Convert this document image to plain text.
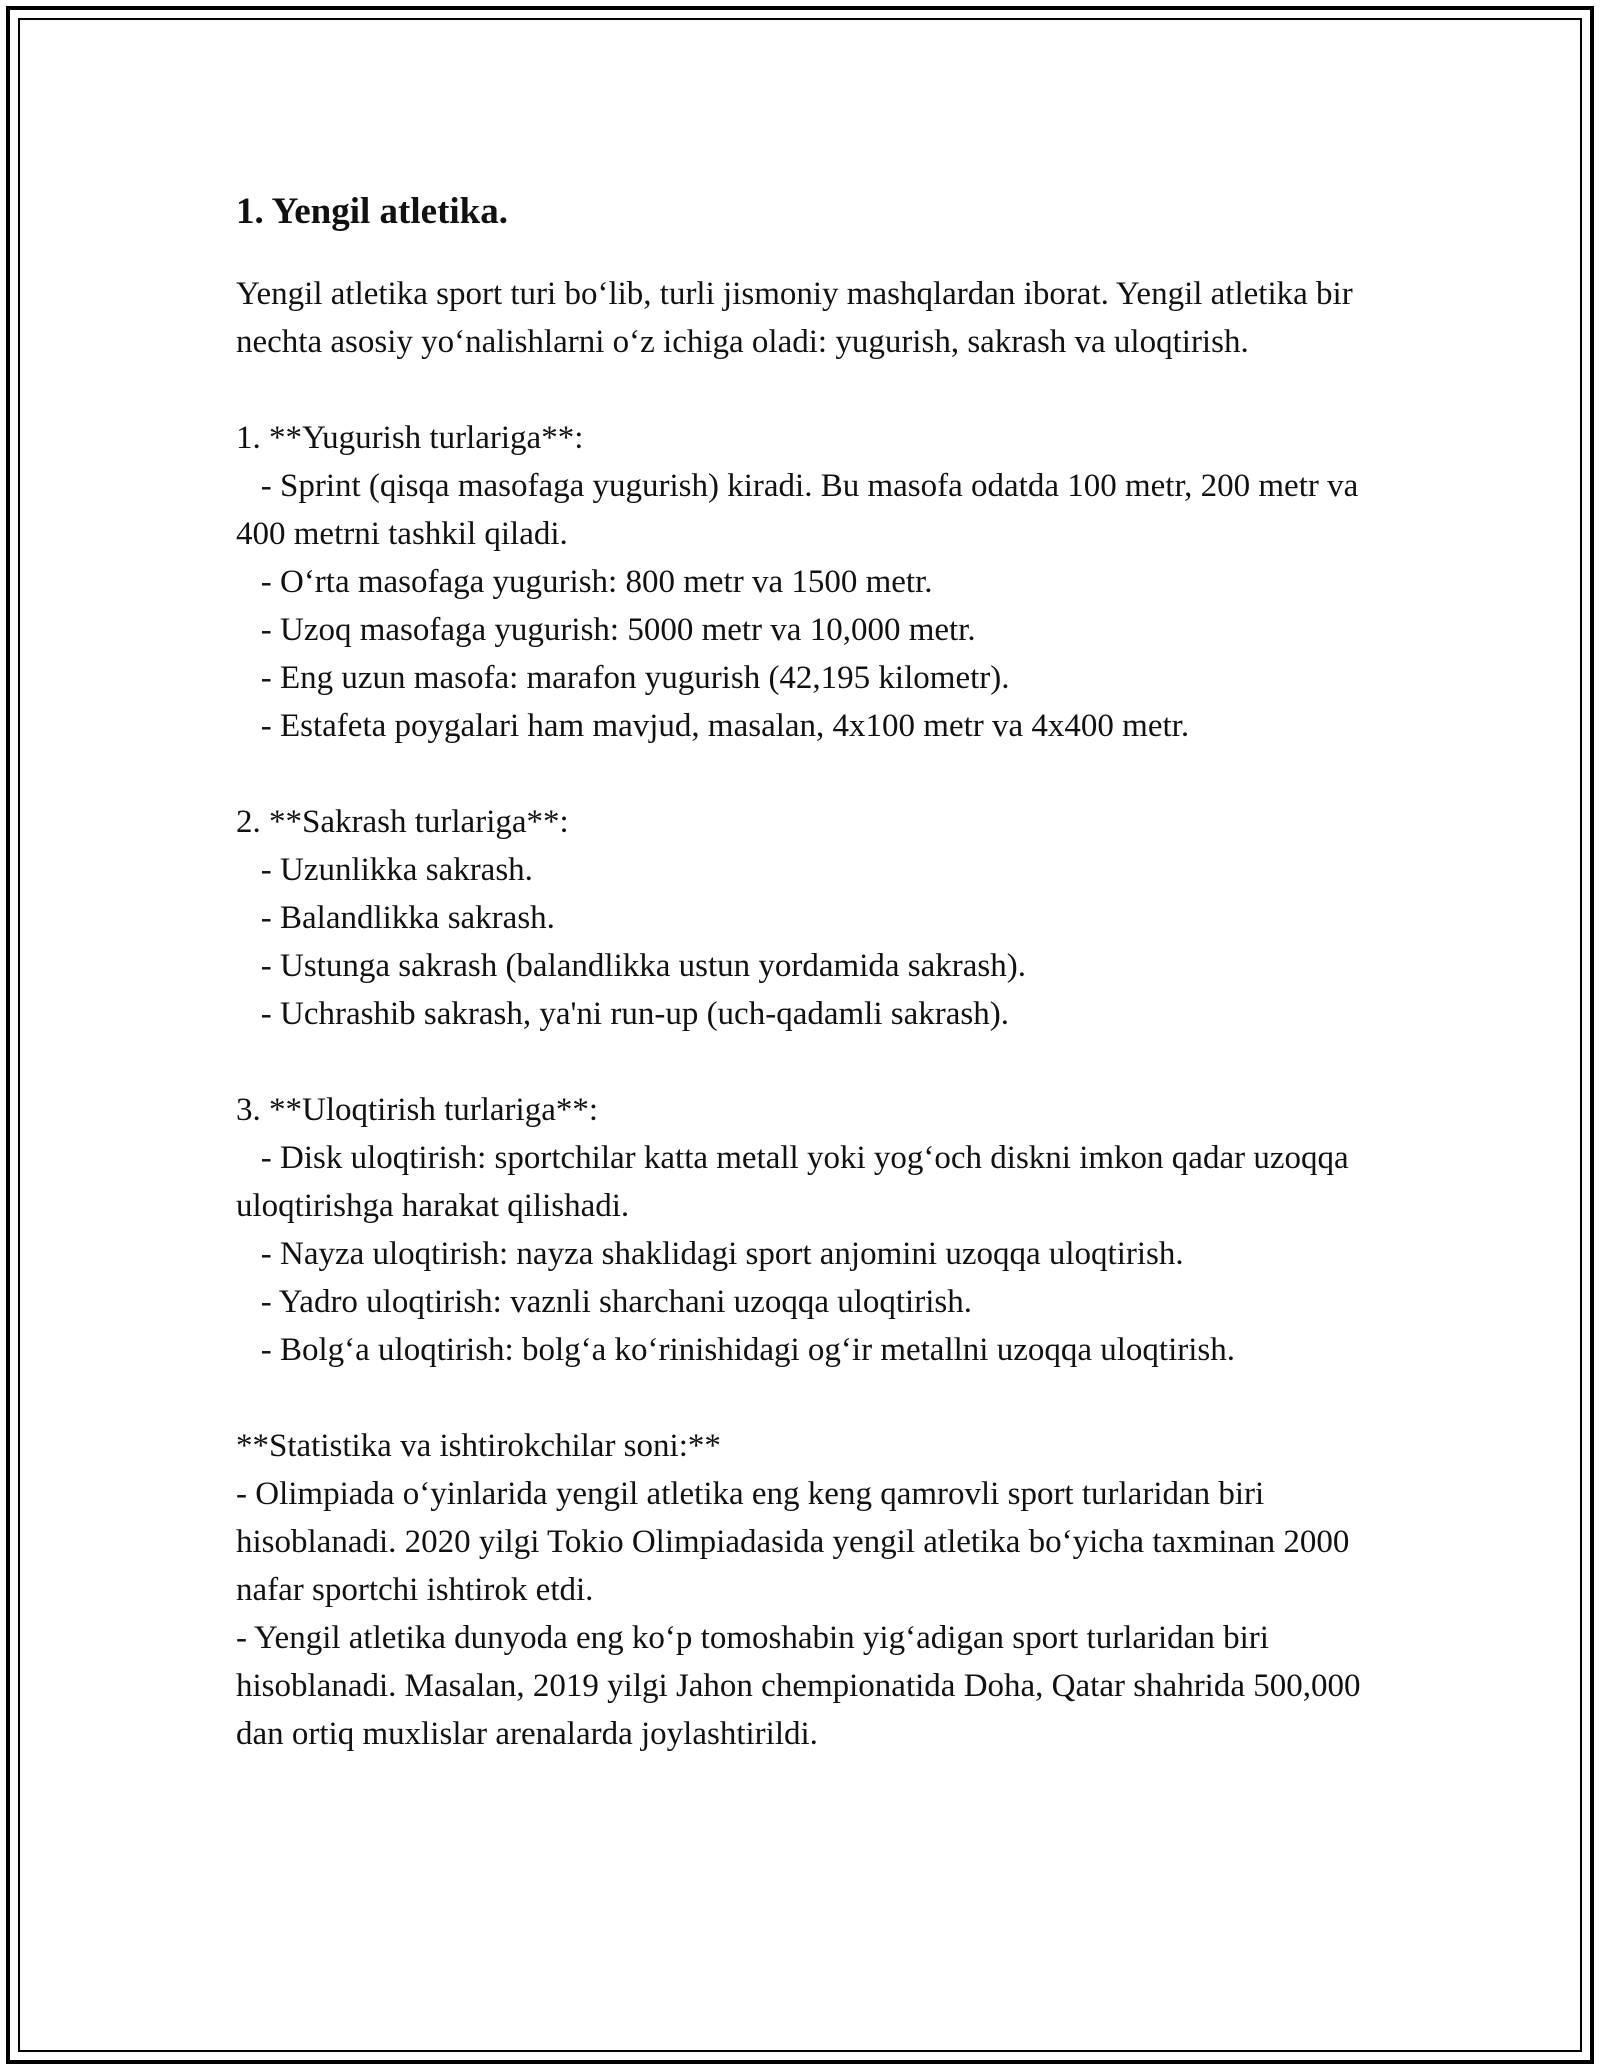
1. Yengil atletika.

Yengil atletika sport turi bo‘lib, turli jismoniy mashqlardan iborat. Yengil atletika bir nechta asosiy yo‘nalishlarni o‘z ichiga oladi: yugurish, sakrash va uloqtirish.

1. **Yugurish turlariga**:

- Sprint (qisqa masofaga yugurish) kiradi. Bu masofa odatda 100 metr, 200 metr va 400 metrni tashkil qiladi.

- O‘rta masofaga yugurish: 800 metr va 1500 metr.

- Uzoq masofaga yugurish: 5000 metr va 10,000 metr.

- Eng uzun masofa: marafon yugurish (42,195 kilometr).

- Estafeta poygalari ham mavjud, masalan, 4x100 metr va 4x400 metr.

2. **Sakrash turlariga**:

- Uzunlikka sakrash.

- Balandlikka sakrash.

- Ustunga sakrash (balandlikka ustun yordamida sakrash).

- Uchrashib sakrash, ya'ni run-up (uch-qadamli sakrash).

3. **Uloqtirish turlariga**:

- Disk uloqtirish: sportchilar katta metall yoki yog‘och diskni imkon qadar uzoqqa uloqtirishga harakat qilishadi.

- Nayza uloqtirish: nayza shaklidagi sport anjomini uzoqqa uloqtirish.

- Yadro uloqtirish: vaznli sharchani uzoqqa uloqtirish.

- Bolg‘a uloqtirish: bolg‘a ko‘rinishidagi og‘ir metallni uzoqqa uloqtirish.

**Statistika va ishtirokchilar soni:**

- Olimpiada o‘yinlarida yengil atletika eng keng qamrovli sport turlaridan biri hisoblanadi. 2020 yilgi Tokio Olimpiadasida yengil atletika bo‘yicha taxminan 2000 nafar sportchi ishtirok etdi.

- Yengil atletika dunyoda eng ko‘p tomoshabin yig‘adigan sport turlaridan biri hisoblanadi. Masalan, 2019 yilgi Jahon chempionatida Doha, Qatar shahrida 500,000 dan ortiq muxlislar arenalarda joylashtirildi.
